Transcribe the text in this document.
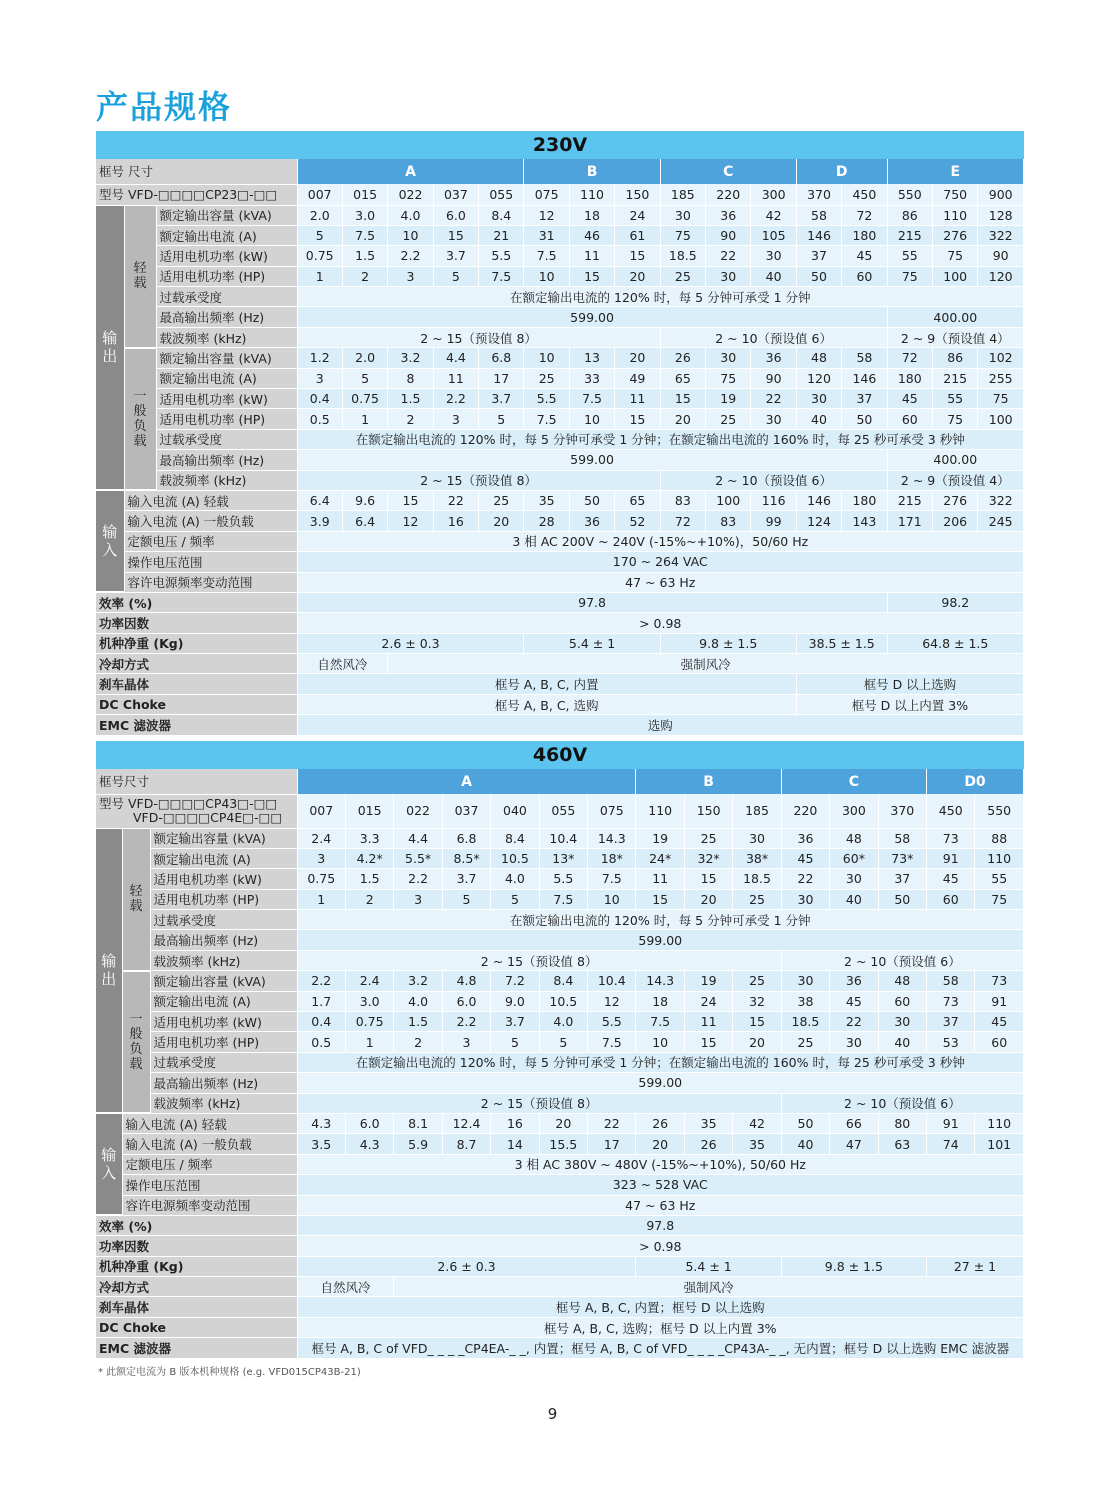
产品规格
230V
框号 尺寸			A					B			C			D		E		

型号 VFD-□□□□CP23□-□□			007	015	022	037	055	075	110	150	185	220	300	370	450	550	750	900
输出	轻载	额定输出容量 (kVA)	2.0	3.0	4.0	6.0	8.4	12	18	24	30	36	42	58	72	86	110	128
		额定输出电流 (A)	5	7.5	10	15	21	31	46	61	75	90	105	146	180	215	276	322
		适用电机功率 (kW)	0.75	1.5	2.2	3.7	5.5	7.5	11	15	18.5	22	30	37	45	55	75	90
		适用电机功率 (HP)	1	2	3	5	7.5	10	15	20	25	30	40	50	60	75	100	120
		过载承受度	在额定输出电流的 120% 时，每 5 分钟可承受 1 分钟															
		最高输出频率 (Hz)	599.00													400.00		
		载波频率 (kHz)	2 ~ 15（预设值 8）								2 ~ 10（预设值 6）					2 ~ 9（预设值 4）		
	一般负载	额定输出容量 (kVA)	1.2	2.0	3.2	4.4	6.8	10	13	20	26	30	36	48	58	72	86	102
		额定输出电流 (A)	3	5	8	11	17	25	33	49	65	75	90	120	146	180	215	255
		适用电机功率 (kW)	0.4	0.75	1.5	2.2	3.7	5.5	7.5	11	15	19	22	30	37	45	55	75
		适用电机功率 (HP)	0.5	1	2	3	5	7.5	10	15	20	25	30	40	50	60	75	100
		过载承受度	在额定输出电流的 120% 时，每 5 分钟可承受 1 分钟；在额定输出电流的 160% 时，每 25 秒可承受 3 秒钟															
		最高输出频率 (Hz)	599.00													400.00		
		载波频率 (kHz)	2 ~ 15（预设值 8）								2 ~ 10（预设值 6）					2 ~ 9（预设值 4）		
输入	输入电流 (A) 轻载		6.4	9.6	15	22	25	35	50	65	83	100	116	146	180	215	276	322
	输入电流 (A) 一般负载		3.9	6.4	12	16	20	28	36	52	72	83	99	124	143	171	206	245
	定额电压 / 频率		3 相 AC 200V ~ 240V (-15%~+10%)，50/60 Hz															
	操作电压范围		170 ~ 264 VAC															
	容许电源频率变动范围		47 ~ 63 Hz															
效率 (%)			97.8													98.2		
功率因数			> 0.98															
机种净重 (Kg)			2.6 ± 0.3					5.4 ± 1			9.8 ± 1.5			38.5 ± 1.5		64.8 ± 1.5		
冷却方式			自然风冷		强制风冷													
刹车晶体			框号 A, B, C, 内置											框号 D 以上选购				
DC Choke			框号 A, B, C, 选购											框号 D 以上内置 3%				
EMC 滤波器			选购															
460V
框号尺寸			A							B			C			D0	

型号 VFD-□□□□CP43□-□□
VFD-□□□□CP4E□-□□			007	015	022	037	040	055	075	110	150	185	220	300	370	450	550
输出	轻载	额定输出容量 (kVA)	2.4	3.3	4.4	6.8	8.4	10.4	14.3	19	25	30	36	48	58	73	88
		额定输出电流 (A)	3	4.2*	5.5*	8.5*	10.5	13*	18*	24*	32*	38*	45	60*	73*	91	110
		适用电机功率 (kW)	0.75	1.5	2.2	3.7	4.0	5.5	7.5	11	15	18.5	22	30	37	45	55
		适用电机功率 (HP)	1	2	3	5	5	7.5	10	15	20	25	30	40	50	60	75
		过载承受度	在额定输出电流的 120% 时，每 5 分钟可承受 1 分钟														
		最高输出频率 (Hz)	599.00														
		载波频率 (kHz)	2 ~ 15（预设值 8）										2 ~ 10（预设值 6）				
	一般负载	额定输出容量 (kVA)	2.2	2.4	3.2	4.8	7.2	8.4	10.4	14.3	19	25	30	36	48	58	73
		额定输出电流 (A)	1.7	3.0	4.0	6.0	9.0	10.5	12	18	24	32	38	45	60	73	91
		适用电机功率 (kW)	0.4	0.75	1.5	2.2	3.7	4.0	5.5	7.5	11	15	18.5	22	30	37	45
		适用电机功率 (HP)	0.5	1	2	3	5	5	7.5	10	15	20	25	30	40	53	60
		过载承受度	在额定输出电流的 120% 时，每 5 分钟可承受 1 分钟；在额定输出电流的 160% 时，每 25 秒可承受 3 秒钟														
		最高输出频率 (Hz)	599.00														
		载波频率 (kHz)	2 ~ 15（预设值 8）										2 ~ 10（预设值 6）				
输入	输入电流 (A) 轻载		4.3	6.0	8.1	12.4	16	20	22	26	35	42	50	66	80	91	110
	输入电流 (A) 一般负载		3.5	4.3	5.9	8.7	14	15.5	17	20	26	35	40	47	63	74	101
	定额电压 / 频率		3 相 AC 380V ~ 480V (-15%~+10%), 50/60 Hz														
	操作电压范围		323 ~ 528 VAC														
	容许电源频率变动范围		47 ~ 63 Hz														
效率 (%)			97.8														
功率因数			> 0.98														
机种净重 (Kg)			2.6 ± 0.3							5.4 ± 1			9.8 ± 1.5			27 ± 1	
冷却方式			自然风冷		强制风冷												
刹车晶体			框号 A, B, C, 内置；框号 D 以上选购														
DC Choke			框号 A, B, C, 选购；框号 D 以上内置 3%														
EMC 滤波器			框号 A, B, C of VFD_ _ _ _CP4EA-_ _, 内置；框号 A, B, C of VFD_ _ _ _CP43A-_ _, 无内置；框号 D 以上选购 EMC 滤波器														
* 此额定电流为 B 版本机种规格 (e.g. VFD015CP43B-21)
9
